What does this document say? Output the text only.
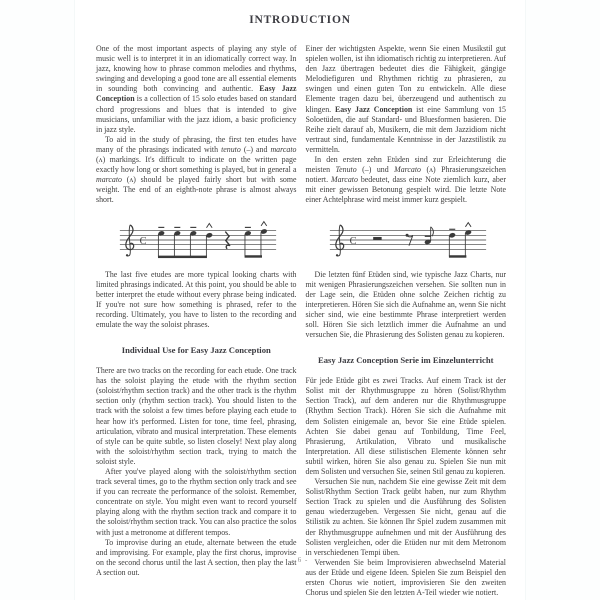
INTRODUCTION

One of the most important aspects of playing any style of music well is to interpret it in an idiomatically correct way. In jazz, knowing how to phrase common melodies and rhythms, swinging and developing a good tone are all essential elements in sounding both convincing and authentic. Easy Jazz Conception is a collection of 15 solo etudes based on standard chord progressions and blues that is intended to give musicians, unfamiliar with the jazz idiom, a basic proficiency in jazz style.

To aid in the study of phrasing, the first ten etudes have many of the phrasings indicated with tenuto (–) and marcato (ʌ) markings. It's difficult to indicate on the written page exactly how long or short something is played, but in general a marcato (ʌ) should be played fairly short but with some weight. The end of an eighth-note phrase is almost always short.

C

The last five etudes are more typical looking charts with limited phrasings indicated. At this point, you should be able to better interpret the etude without every phrase being indicated. If you're not sure how something is phrased, refer to the recording. Ultimately, you have to listen to the recording and emulate the way the soloist phrases.

Individual Use for Easy Jazz Conception

There are two tracks on the recording for each etude. One track has the soloist playing the etude with the rhythm section (soloist/rhythm section track) and the other track is the rhythm section only (rhythm section track). You should listen to the track with the soloist a few times before playing each etude to hear how it's performed. Listen for tone, time feel, phrasing, articulation, vibrato and musical interpretation. These elements of style can be quite subtle, so listen closely! Next play along with the soloist/rhythm section track, trying to match the soloist style.

After you've played along with the soloist/rhythm section track several times, go to the rhythm section only track and see if you can recreate the performance of the soloist. Remember, concentrate on style. You might even want to record yourself playing along with the rhythm section track and compare it to the soloist/rhythm section track. You can also practice the solos with just a metronome at different tempos.

To improvise during an etude, alternate between the etude and improvising. For example, play the first chorus, improvise on the second chorus until the last A section, then play the last A section out.

Einer der wichtigsten Aspekte, wenn Sie einen Musikstil gut spielen wollen, ist ihn idiomatisch richtig zu interpretieren. Auf den Jazz übertragen bedeutet dies die Fähigkeit, gängige Melodiefiguren und Rhythmen richtig zu phrasieren, zu swingen und einen guten Ton zu entwickeln. Alle diese Elemente tragen dazu bei, überzeugend und authentisch zu klingen. Easy Jazz Conception ist eine Sammlung von 15 Soloetüden, die auf Standard- und Bluesformen basieren. Die Reihe zielt darauf ab, Musikern, die mit dem Jazzidiom nicht vertraut sind, fundamentale Kenntnisse in der Jazzstilistik zu vermitteln.

In den ersten zehn Etüden sind zur Erleichterung die meisten Tenuto (–) und Marcato (ʌ) Phrasierungszeichen notiert. Marcato bedeutet, dass eine Note ziemlich kurz, aber mit einer gewissen Betonung gespielt wird. Die letzte Note einer Achtelphrase wird meist immer kurz gespielt.

C

Die letzten fünf Etüden sind, wie typische Jazz Charts, nur mit wenigen Phrasierungszeichen versehen. Sie sollten nun in der Lage sein, die Etüden ohne solche Zeichen richtig zu interpretieren. Hören Sie sich die Aufnahme an, wenn Sie nicht sicher sind, wie eine bestimmte Phrase interpretiert werden soll. Hören Sie sich letztlich immer die Aufnahme an und versuchen Sie, die Phrasierung des Solisten genau zu kopieren.

Easy Jazz Conception Serie im Einzelunterricht

Für jede Etüde gibt es zwei Tracks. Auf einem Track ist der Solist mit der Rhythmusgruppe zu hören (Solist/Rhythm Section Track), auf dem anderen nur die Rhythmusgruppe (Rhythm Section Track). Hören Sie sich die Aufnahme mit dem Solisten einigemale an, bevor Sie eine Etüde spielen. Achten Sie dabei genau auf Tonbildung, Time Feel, Phrasierung, Artikulation, Vibrato und musikalische Interpretation. All diese stilistischen Elemente können sehr subtil wirken, hören Sie also genau zu. Spielen Sie nun mit dem Solisten und versuchen Sie, seinen Stil genau zu kopieren.

Versuchen Sie nun, nachdem Sie eine gewisse Zeit mit dem Solist/Rhythm Section Track geübt haben, nur zum Rhythm Section Track zu spielen und die Ausführung des Solisten genau wiederzugeben. Vergessen Sie nicht, genau auf die Stilistik zu achten. Sie können Ihr Spiel zudem zusammen mit der Rhythmusgruppe aufnehmen und mit der Ausführung des Solisten vergleichen, oder die Etüden nur mit dem Metronom in verschiedenen Tempi üben.

Verwenden Sie beim Improvisieren abwechselnd Material aus der Etüde und eigene Ideen. Spielen Sie zum Beispiel den ersten Chorus wie notiert, improvisieren Sie den zweiten Chorus und spielen Sie den letzten A-Teil wieder wie notiert.

- 6 -
